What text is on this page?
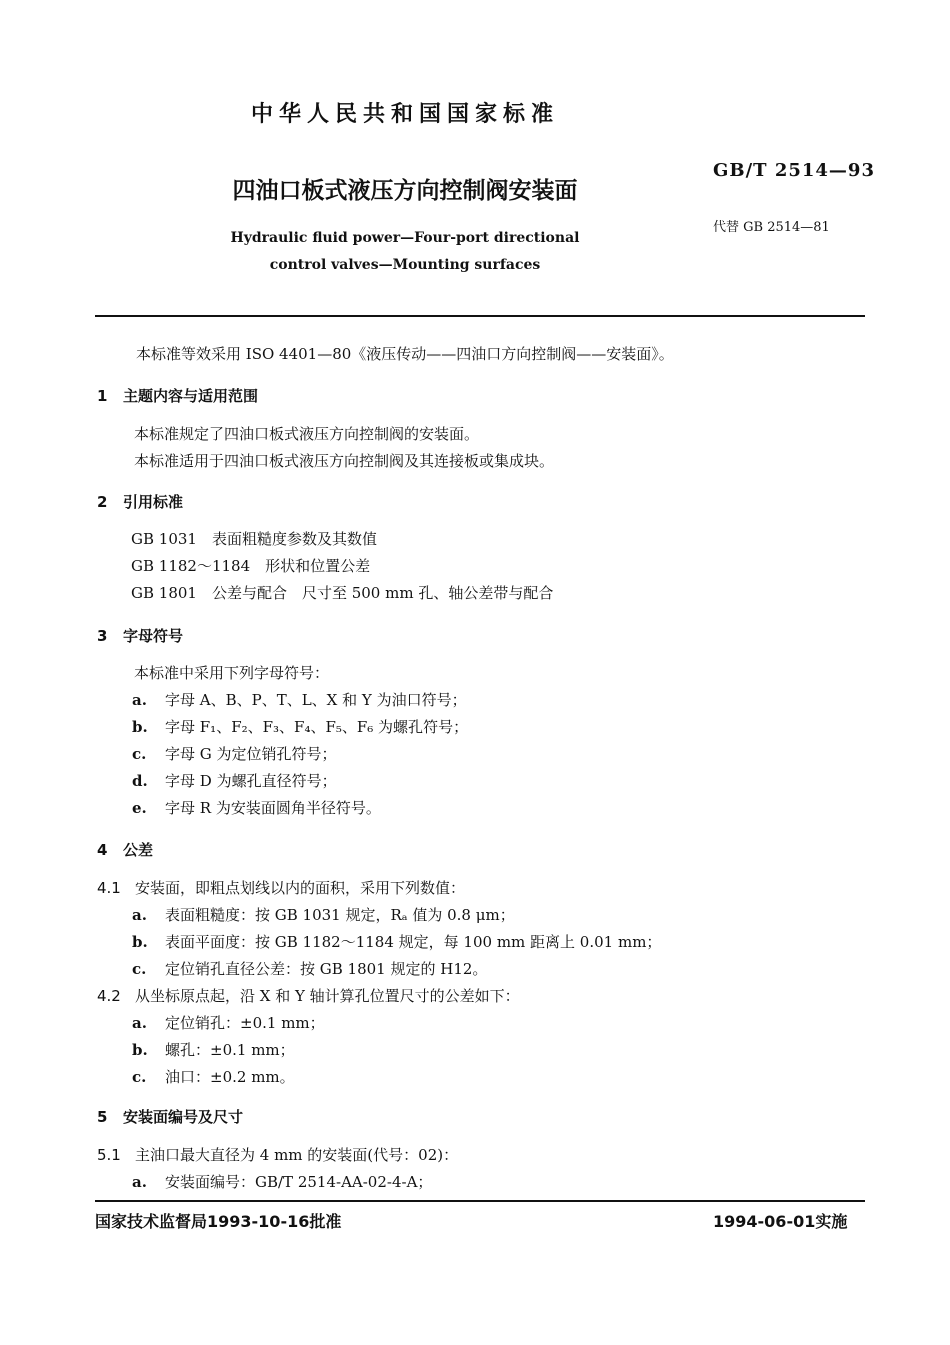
中华人民共和国国家标准
GB/T 2514—93
四油口板式液压方向控制阀安装面
代替 GB 2514—81
Hydraulic fluid power—Four-port directional
control valves—Mounting surfaces
本标准等效采用 ISO 4401—80《液压传动——四油口方向控制阀——安装面》。
1 主题内容与适用范围
本标准规定了四油口板式液压方向控制阀的安装面。
本标准适用于四油口板式液压方向控制阀及其连接板或集成块。
2 引用标准
GB 1031　表面粗糙度参数及其数值
GB 1182～1184　形状和位置公差
GB 1801　公差与配合　尺寸至 500 mm 孔、轴公差带与配合
3 字母符号
本标准中采用下列字母符号：
a. 字母 A、B、P、T、L、X 和 Y 为油口符号；
b. 字母 F₁、F₂、F₃、F₄、F₅、F₆ 为螺孔符号；
c. 字母 G 为定位销孔符号；
d. 字母 D 为螺孔直径符号；
e. 字母 R 为安装面圆角半径符号。
4 公差
4.1 安装面，即粗点划线以内的面积，采用下列数值：
a. 表面粗糙度：按 GB 1031 规定，Rₐ 值为 0.8 μm；
b. 表面平面度：按 GB 1182～1184 规定，每 100 mm 距离上 0.01 mm；
c. 定位销孔直径公差：按 GB 1801 规定的 H12。
4.2 从坐标原点起，沿 X 和 Y 轴计算孔位置尺寸的公差如下：
a. 定位销孔：±0.1 mm；
b. 螺孔：±0.1 mm；
c. 油口：±0.2 mm。
5 安装面编号及尺寸
5.1 主油口最大直径为 4 mm 的安装面(代号：02)：
a. 安装面编号：GB/T 2514-AA-02-4-A；
国家技术监督局1993-10-16批准	1994-06-01实施
